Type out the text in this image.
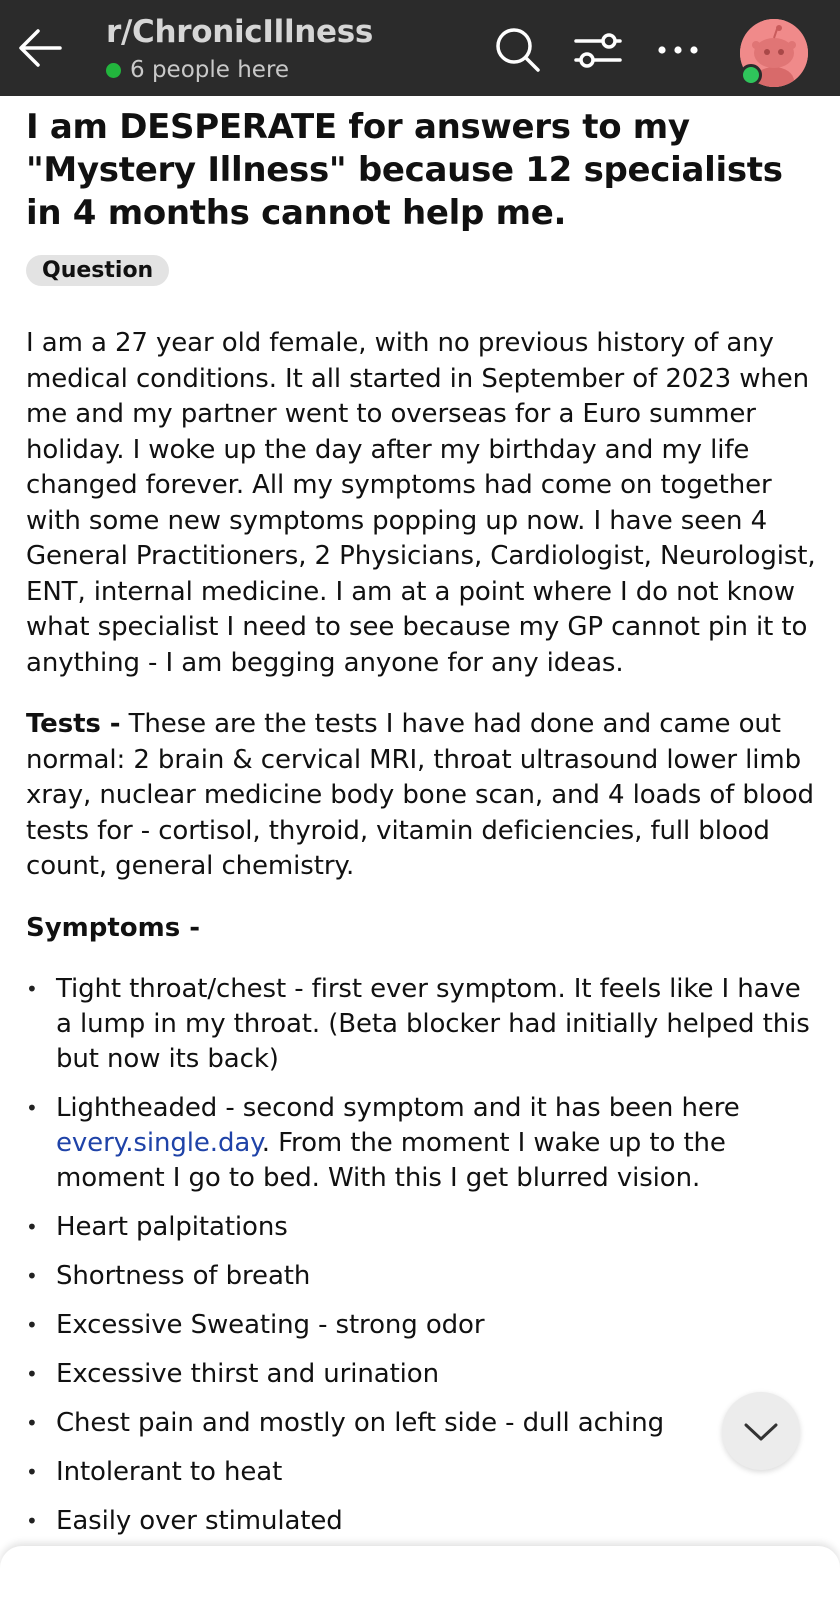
r/ChronicIllness
6 people here
I am DESPERATE for answers to my "Mystery Illness" because 12 specialists in 4 months cannot help me.
Question

I am a 27 year old female, with no previous history of any medical conditions. It all started in September of 2023 when me and my partner went to overseas for a Euro summer holiday. I woke up the day after my birthday and my life changed forever. All my symptoms had come on together with some new symptoms popping up now. I have seen 4 General Practitioners, 2 Physicians, Cardiologist, Neurologist, ENT, internal medicine. I am at a point where I do not know what specialist I need to see because my GP cannot pin it to anything - I am begging anyone for any ideas.

Tests - These are the tests I have had done and came out normal: 2 brain & cervical MRI, throat ultrasound lower limb xray, nuclear medicine body bone scan, and 4 loads of blood tests for - cortisol, thyroid, vitamin deficiencies, full blood count, general chemistry.

Symptoms -

• Tight throat/chest - first ever symptom. It feels like I have a lump in my throat. (Beta blocker had initially helped this but now its back)
• Lightheaded - second symptom and it has been here every.single.day. From the moment I wake up to the moment I go to bed. With this I get blurred vision.
• Heart palpitations
• Shortness of breath
• Excessive Sweating - strong odor
• Excessive thirst and urination
• Chest pain and mostly on left side - dull aching
• Intolerant to heat
• Easily over stimulated
